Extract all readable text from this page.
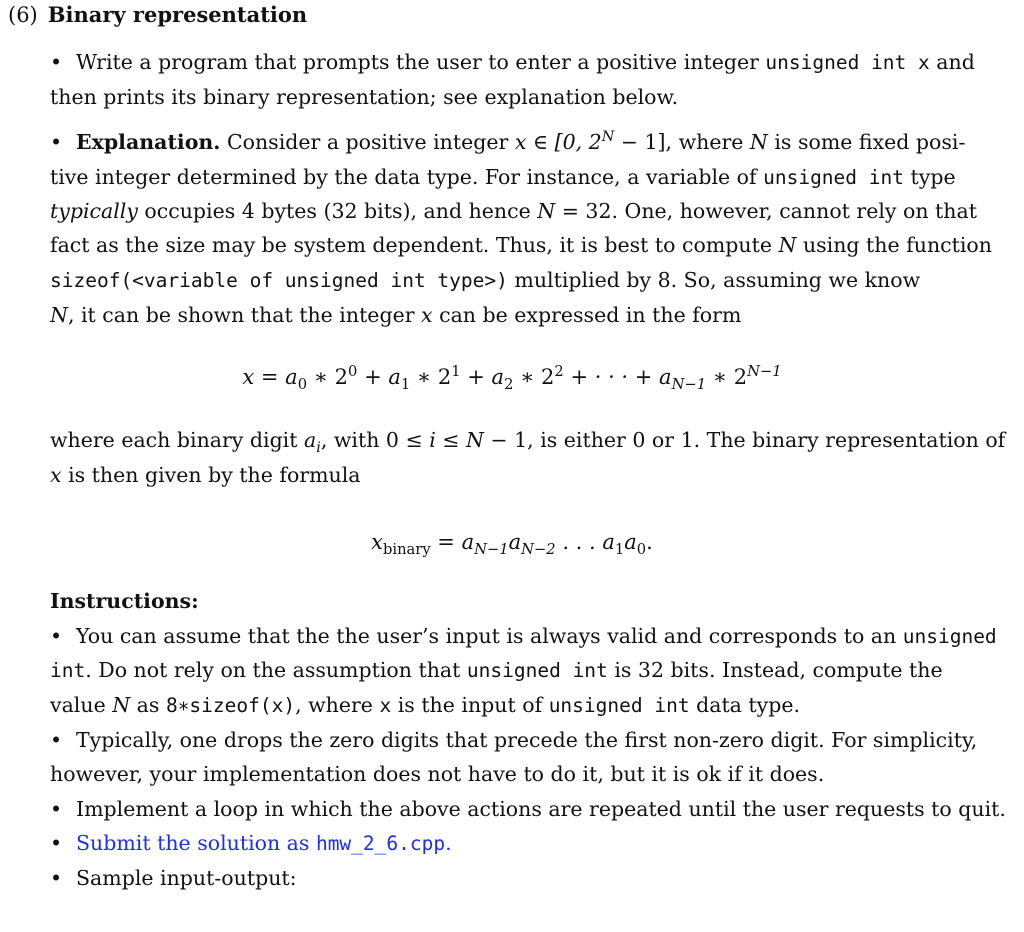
(6) Binary representation
• Write a program that prompts the user to enter a positive integer unsigned int x and
then prints its binary representation; see explanation below.
• Explanation. Consider a positive integer x ∈ [0, $2^N - 1$], where N is some fixed posi-
tive integer determined by the data type. For instance, a variable of unsigned int type
typically occupies 4 bytes (32 bits), and hence N = 32. One, however, cannot rely on that
fact as the size may be system dependent. Thus, it is best to compute N using the function
sizeof(<variable of unsigned int type>) multiplied by 8. So, assuming we know
N, it can be shown that the integer x can be expressed in the form
$x = a_0$ ∗ $2^0 + a_1$ ∗ $2^1 + a_2$ ∗ $2^2$ + · · · + $a_{N-1}$ ∗ $2^{N-1}$
where each binary digit $a_i$, with 0 ≤ i ≤ N − 1, is either 0 or 1. The binary representation of
x is then given by the formula
$x_{binary} = a_{N-1}a_{N-2}$ . . . $a_1a_0$.
Instructions:
• You can assume that the the user’s input is always valid and corresponds to an unsigned
int. Do not rely on the assumption that unsigned int is 32 bits. Instead, compute the
value N as 8∗sizeof(x), where x is the input of unsigned int data type.
• Typically, one drops the zero digits that precede the first non-zero digit. For simplicity,
however, your implementation does not have to do it, but it is ok if it does.
• Implement a loop in which the above actions are repeated until the user requests to quit.
• Submit the solution as hmw_2_6.cpp.
• Sample input-output:
